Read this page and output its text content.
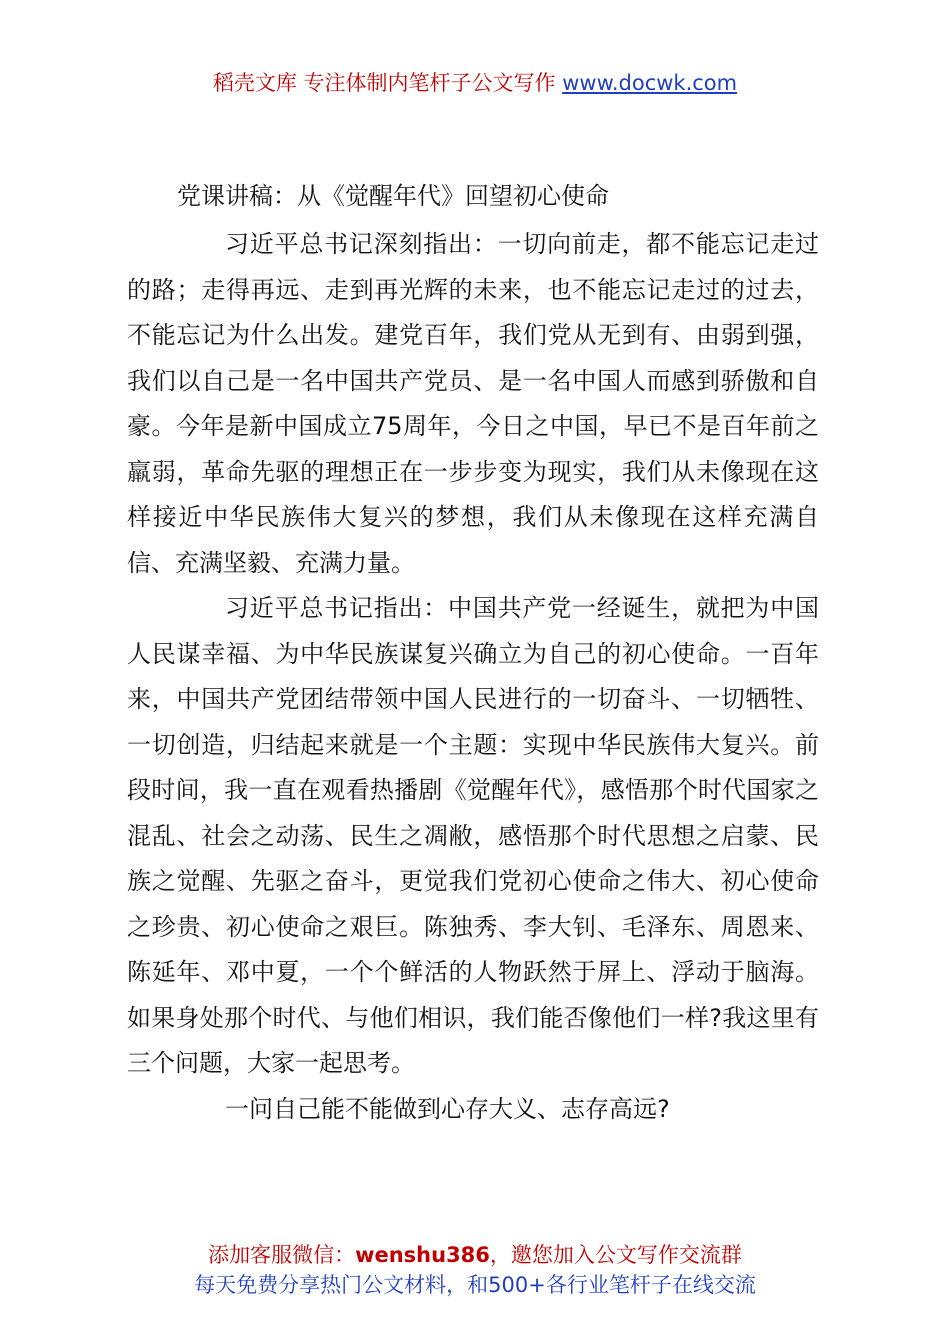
稻壳文库 专注体制内笔杆子公文写作 www.docwk.com
党课讲稿：从《觉醒年代》回望初心使命

习近平总书记深刻指出：一切向前走，都不能忘记走过的路；走得再远、走到再光辉的未来，也不能忘记走过的过去，不能忘记为什么出发。建党百年，我们党从无到有、由弱到强，我们以自己是一名中国共产党员、是一名中国人而感到骄傲和自豪。今年是新中国成立75周年，今日之中国，早已不是百年前之羸弱，革命先驱的理想正在一步步变为现实，我们从未像现在这样接近中华民族伟大复兴的梦想，我们从未像现在这样充满自信、充满坚毅、充满力量。

习近平总书记指出：中国共产党一经诞生，就把为中国人民谋幸福、为中华民族谋复兴确立为自己的初心使命。一百年来，中国共产党团结带领中国人民进行的一切奋斗、一切牺牲、一切创造，归结起来就是一个主题：实现中华民族伟大复兴。前段时间，我一直在观看热播剧《觉醒年代》，感悟那个时代国家之混乱、社会之动荡、民生之凋敝，感悟那个时代思想之启蒙、民族之觉醒、先驱之奋斗，更觉我们党初心使命之伟大、初心使命之珍贵、初心使命之艰巨。陈独秀、李大钊、毛泽东、周恩来、陈延年、邓中夏，一个个鲜活的人物跃然于屏上、浮动于脑海。如果身处那个时代、与他们相识，我们能否像他们一样?我这里有三个问题，大家一起思考。

一问自己能不能做到心存大义、志存高远?

添加客服微信：wenshu386，邀您加入公文写作交流群
每天免费分享热门公文材料，和500+各行业笔杆子在线交流
